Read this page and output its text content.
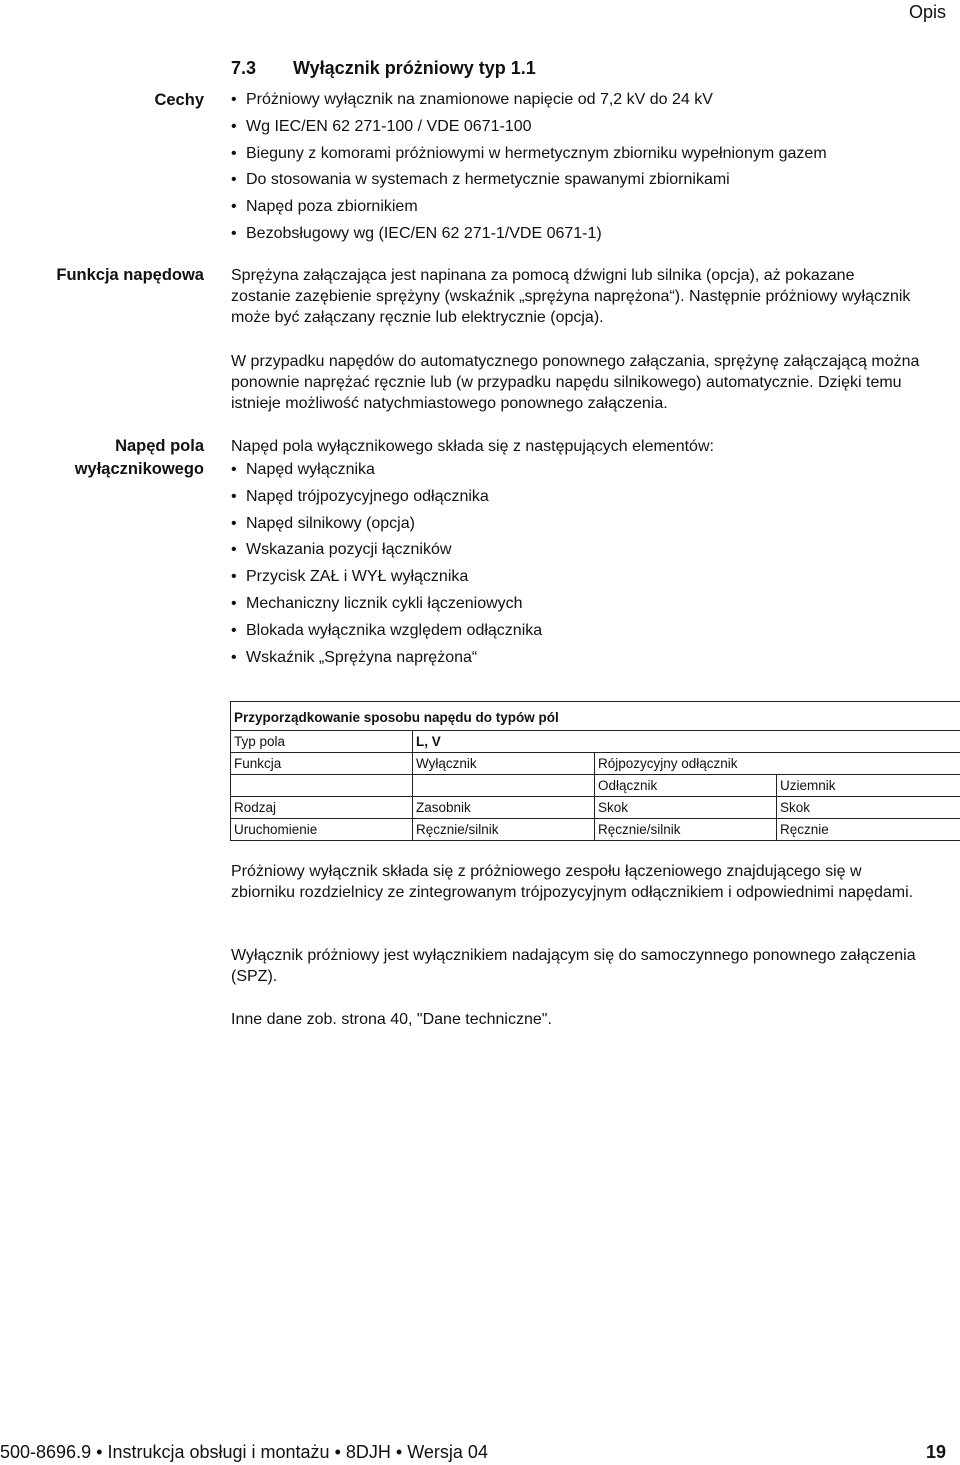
Opis
7.3 Wyłącznik próżniowy typ 1.1
Cechy	• Próżniowy wyłącznik na znamionowe napięcie od 7,2 kV do 24 kV
• Wg IEC/EN 62 271-100 / VDE 0671-100
• Bieguny z komorami próżniowymi w hermetycznym zbiorniku wypełnionym gazem
• Do stosowania w systemach z hermetycznie spawanymi zbiornikami
• Napęd poza zbiornikiem
• Bezobsługowy wg (IEC/EN 62 271-1/VDE 0671-1)
Funkcja napędowa Sprężyna załączająca jest napinana za pomocą dźwigni lub silnika (opcja), aż pokazane zostanie zazębienie sprężyny (wskaźnik „sprężyna naprężona“). Następnie próżniowy wyłącznik może być załączany ręcznie lub elektrycznie (opcja).

W przypadku napędów do automatycznego ponownego załączania, sprężynę załączającą można ponownie naprężać ręcznie lub (w przypadku napędu silnikowego) automatycznie. Dzięki temu istnieje możliwość natychmiastowego ponownego załączenia.

Napęd pola
wyłącznikowego

Napęd pola wyłącznikowego składa się z następujących elementów:

• Napęd wyłącznika
• Napęd trójpozycyjnego odłącznika
• Napęd silnikowy (opcja)
• Wskazania pozycji łączników
• Przycisk ZAŁ i WYŁ wyłącznika
• Mechaniczny licznik cykli łączeniowych
• Blokada wyłącznika względem odłącznika
• Wskaźnik „Sprężyna naprężona“
Przyporządkowanie sposobu napędu do typów pól			
Typ pola	L, V		
Funkcja	Wyłącznik	Rójpozycyjny odłącznik	
		Odłącznik	Uziemnik
Rodzaj	Zasobnik	Skok	Skok
Uruchomienie	Ręcznie/silnik	Ręcznie/silnik	Ręcznie

Próżniowy wyłącznik składa się z próżniowego zespołu łączeniowego znajdującego się w zbiorniku rozdzielnicy ze zintegrowanym trójpozycyjnym odłącznikiem i odpowiednimi napędami.

Wyłącznik próżniowy jest wyłącznikiem nadającym się do samoczynnego ponownego załączenia (SPZ).

Inne dane zob. strona 40, "Dane techniczne".

500-8696.9 • Instrukcja obsługi i montażu • 8DJH • Wersja 04	19
